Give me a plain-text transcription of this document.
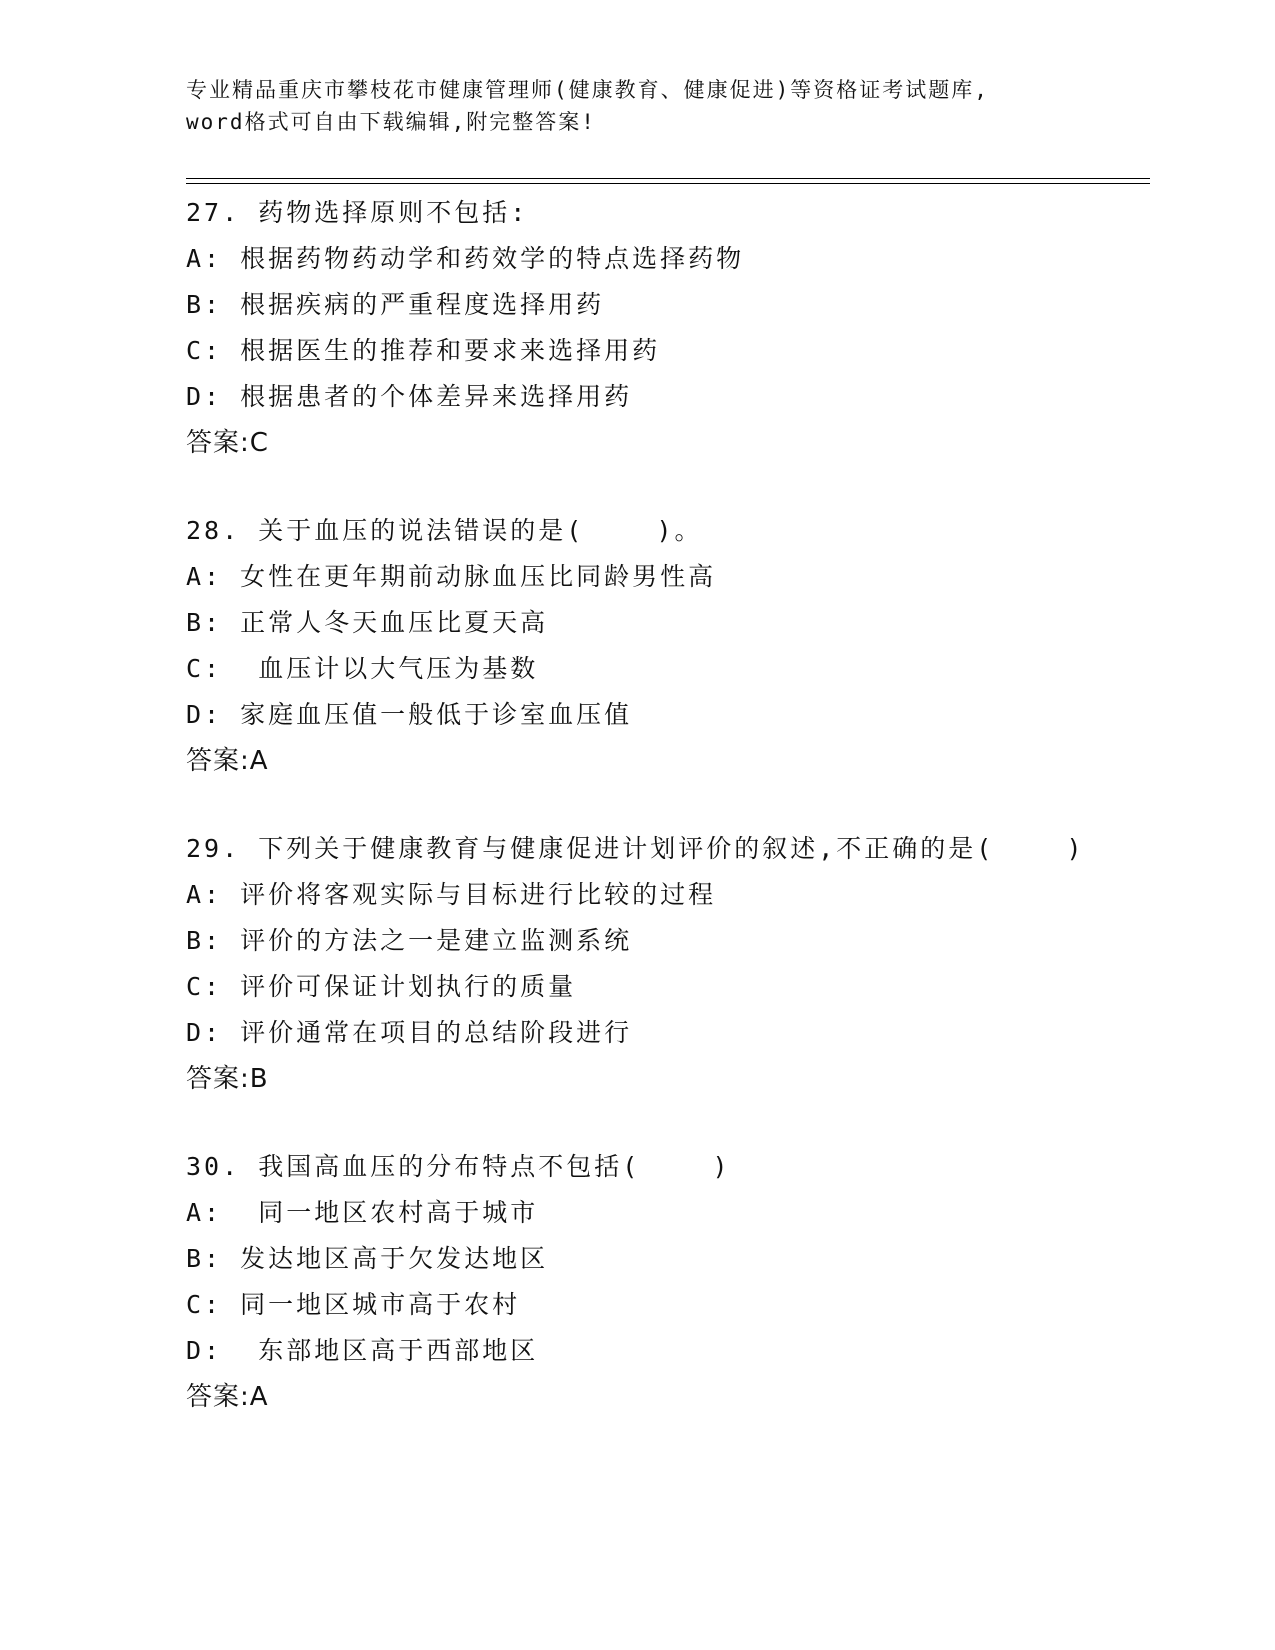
专业精品重庆市攀枝花市健康管理师(健康教育、健康促进)等资格证考试题库,
word格式可自由下载编辑,附完整答案!
27. 药物选择原则不包括:
A: 根据药物药动学和药效学的特点选择药物
B: 根据疾病的严重程度选择用药
C: 根据医生的推荐和要求来选择用药
D: 根据患者的个体差异来选择用药
答案:C
28. 关于血压的说法错误的是(    )。
A: 女性在更年期前动脉血压比同龄男性高
B: 正常人冬天血压比夏天高
C:  血压计以大气压为基数
D: 家庭血压值一般低于诊室血压值
答案:A
29. 下列关于健康教育与健康促进计划评价的叙述,不正确的是(    )
A: 评价将客观实际与目标进行比较的过程
B: 评价的方法之一是建立监测系统
C: 评价可保证计划执行的质量
D: 评价通常在项目的总结阶段进行
答案:B
30. 我国高血压的分布特点不包括(    )
A:  同一地区农村高于城市
B: 发达地区高于欠发达地区
C: 同一地区城市高于农村
D:  东部地区高于西部地区
答案:A
